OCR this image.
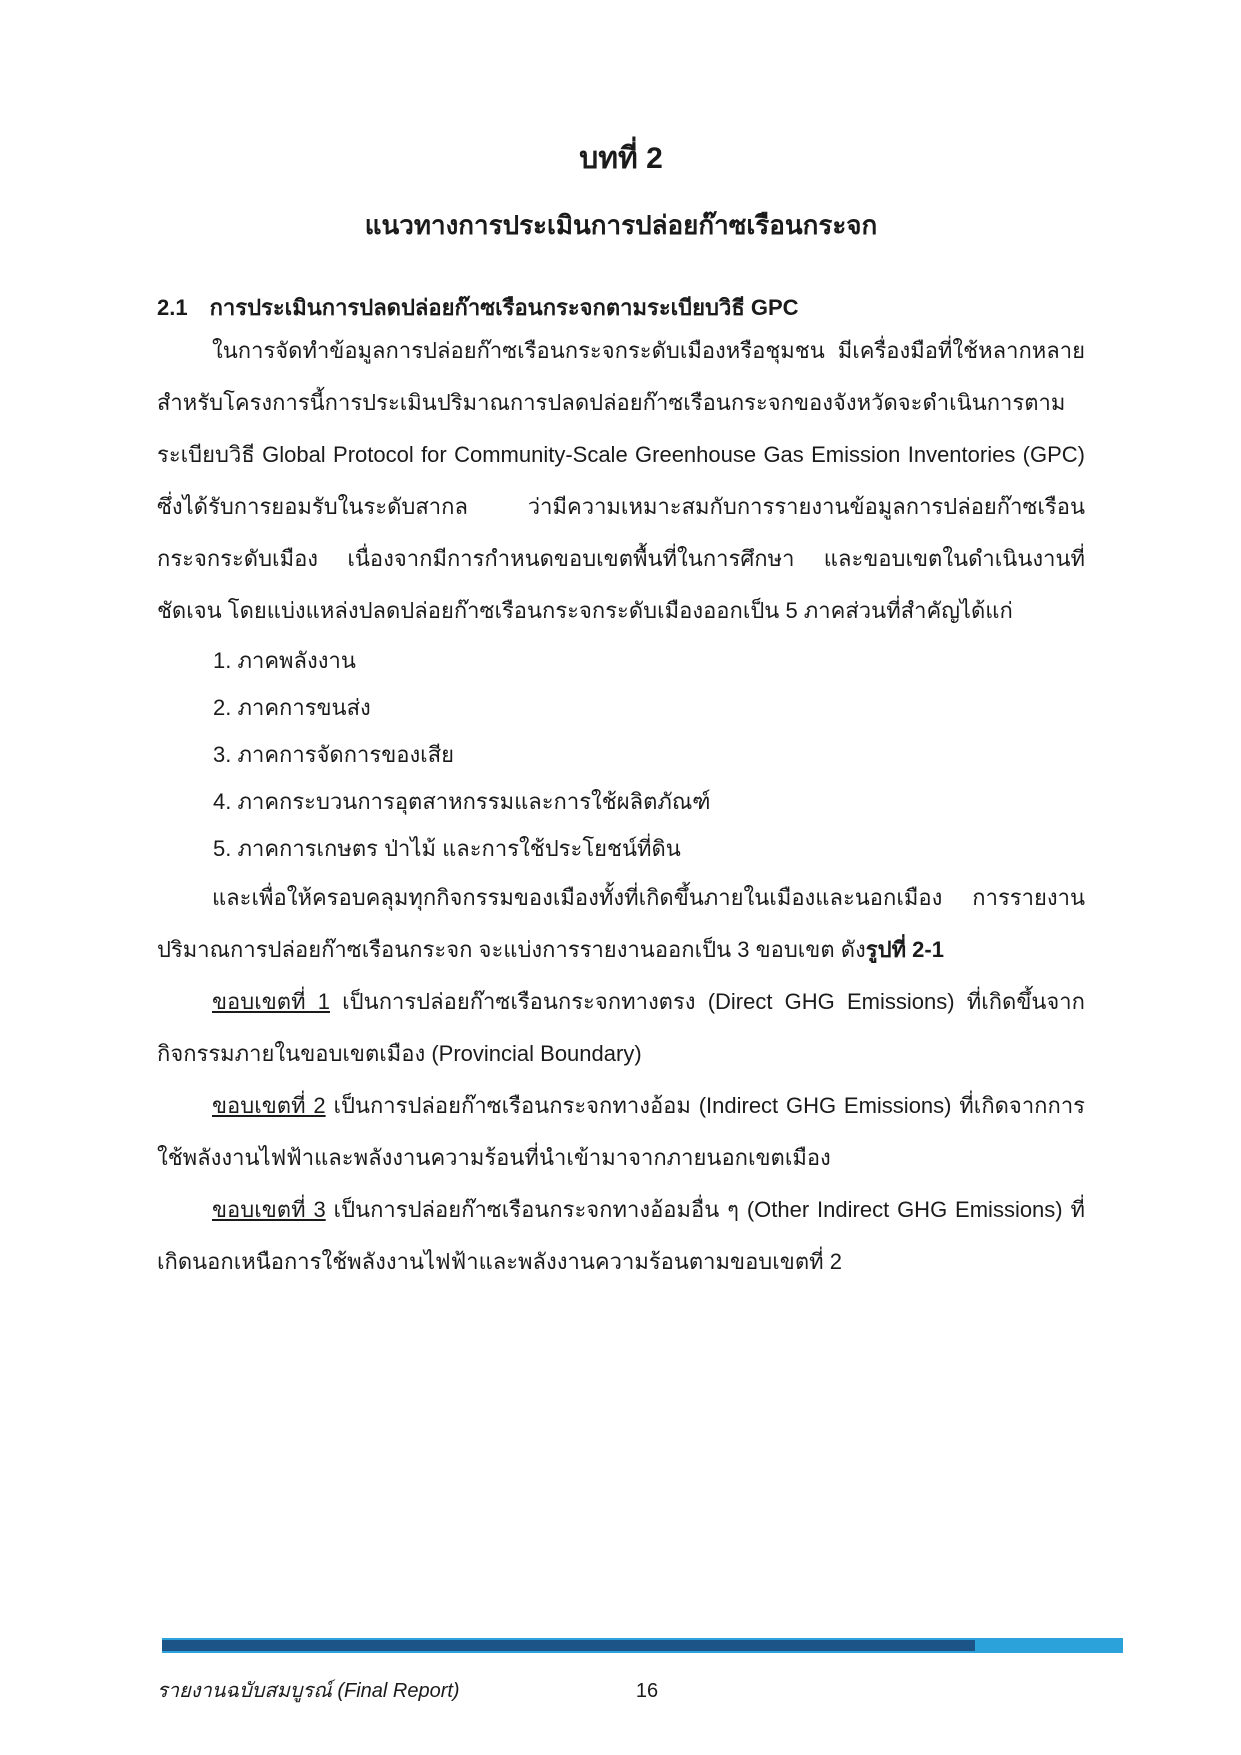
บทที่ 2
แนวทางการประเมินการปล่อยก๊าซเรือนกระจก
2.1 การประเมินการปลดปล่อยก๊าซเรือนกระจกตามระเบียบวิธี GPC

ในการจัดทำข้อมูลการปล่อยก๊าซเรือนกระจกระดับเมืองหรือชุมชน มีเครื่องมือที่ใช้หลากหลาย สำหรับโครงการนี้การประเมินปริมาณการปลดปล่อยก๊าซเรือนกระจกของจังหวัดจะดำเนินการตามระเบียบวิธี Global Protocol for Community-Scale Greenhouse Gas Emission Inventories (GPC) ซึ่งได้รับการยอมรับในระดับสากล ว่ามีความเหมาะสมกับการรายงานข้อมูลการปล่อยก๊าซเรือนกระจกระดับเมือง เนื่องจากมีการกำหนดขอบเขตพื้นที่ในการศึกษา และขอบเขตในดำเนินงานที่ชัดเจน โดยแบ่งแหล่งปลดปล่อยก๊าซเรือนกระจกระดับเมืองออกเป็น 5 ภาคส่วนที่สำคัญได้แก่

1. ภาคพลังงาน
2. ภาคการขนส่ง
3. ภาคการจัดการของเสีย
4. ภาคกระบวนการอุตสาหกรรมและการใช้ผลิตภัณฑ์
5. ภาคการเกษตร ป่าไม้ และการใช้ประโยชน์ที่ดิน

และเพื่อให้ครอบคลุมทุกกิจกรรมของเมืองทั้งที่เกิดขึ้นภายในเมืองและนอกเมือง การรายงานปริมาณการปล่อยก๊าซเรือนกระจก จะแบ่งการรายงานออกเป็น 3 ขอบเขต ดังรูปที่ 2-1

ขอบเขตที่ 1 เป็นการปล่อยก๊าซเรือนกระจกทางตรง (Direct GHG Emissions) ที่เกิดขึ้นจากกิจกรรมภายในขอบเขตเมือง (Provincial Boundary)

ขอบเขตที่ 2 เป็นการปล่อยก๊าซเรือนกระจกทางอ้อม (Indirect GHG Emissions) ที่เกิดจากการใช้พลังงานไฟฟ้าและพลังงานความร้อนที่นำเข้ามาจากภายนอกเขตเมือง

ขอบเขตที่ 3 เป็นการปล่อยก๊าซเรือนกระจกทางอ้อมอื่น ๆ (Other Indirect GHG Emissions) ที่เกิดนอกเหนือการใช้พลังงานไฟฟ้าและพลังงานความร้อนตามขอบเขตที่ 2

รายงานฉบับสมบูรณ์ (Final Report)	16
